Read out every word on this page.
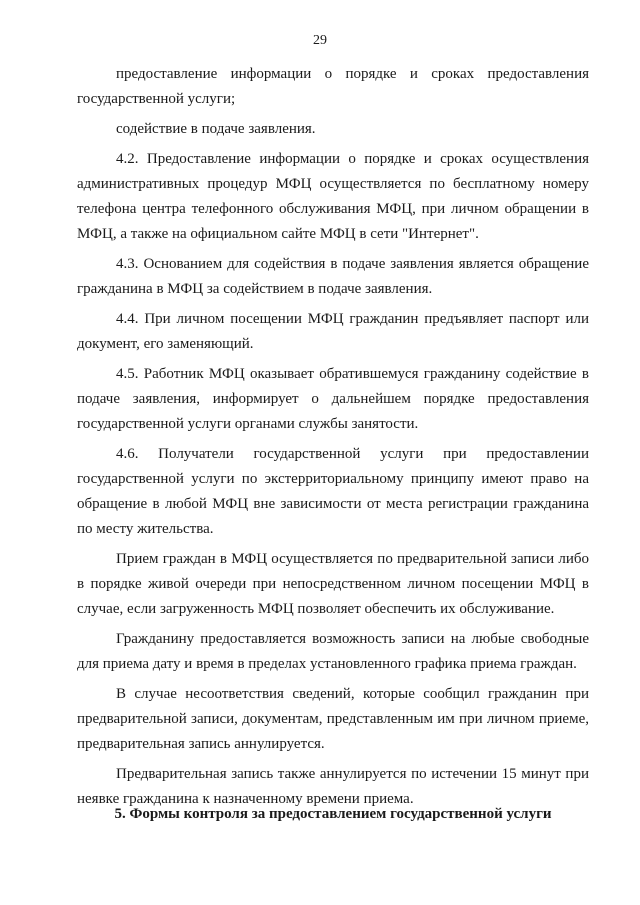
29

предоставление информации о порядке и сроках предоставления государственной услуги;

содействие в подаче заявления.

4.2. Предоставление информации о порядке и сроках осуществления административных процедур МФЦ осуществляется по бесплатному номеру телефона центра телефонного обслуживания МФЦ, при личном обращении в МФЦ, а также на официальном сайте МФЦ в сети "Интернет".

4.3. Основанием для содействия в подаче заявления является обращение гражданина в МФЦ за содействием в подаче заявления.

4.4. При личном посещении МФЦ гражданин предъявляет паспорт или документ, его заменяющий.

4.5. Работник МФЦ оказывает обратившемуся гражданину содействие в подаче заявления, информирует о дальнейшем порядке предоставления государственной услуги органами службы занятости.

4.6. Получатели государственной услуги при предоставлении государственной услуги по экстерриториальному принципу имеют право на обращение в любой МФЦ вне зависимости от места регистрации гражданина по месту жительства.

Прием граждан в МФЦ осуществляется по предварительной записи либо в порядке живой очереди при непосредственном личном посещении МФЦ в случае, если загруженность МФЦ позволяет обеспечить их обслуживание.

Гражданину предоставляется возможность записи на любые свободные для приема дату и время в пределах установленного графика приема граждан.

В случае несоответствия сведений, которые сообщил гражданин при предварительной записи, документам, представленным им при личном приеме, предварительная запись аннулируется.

Предварительная запись также аннулируется по истечении 15 минут при неявке гражданина к назначенному времени приема.

5. Формы контроля за предоставлением государственной услуги
